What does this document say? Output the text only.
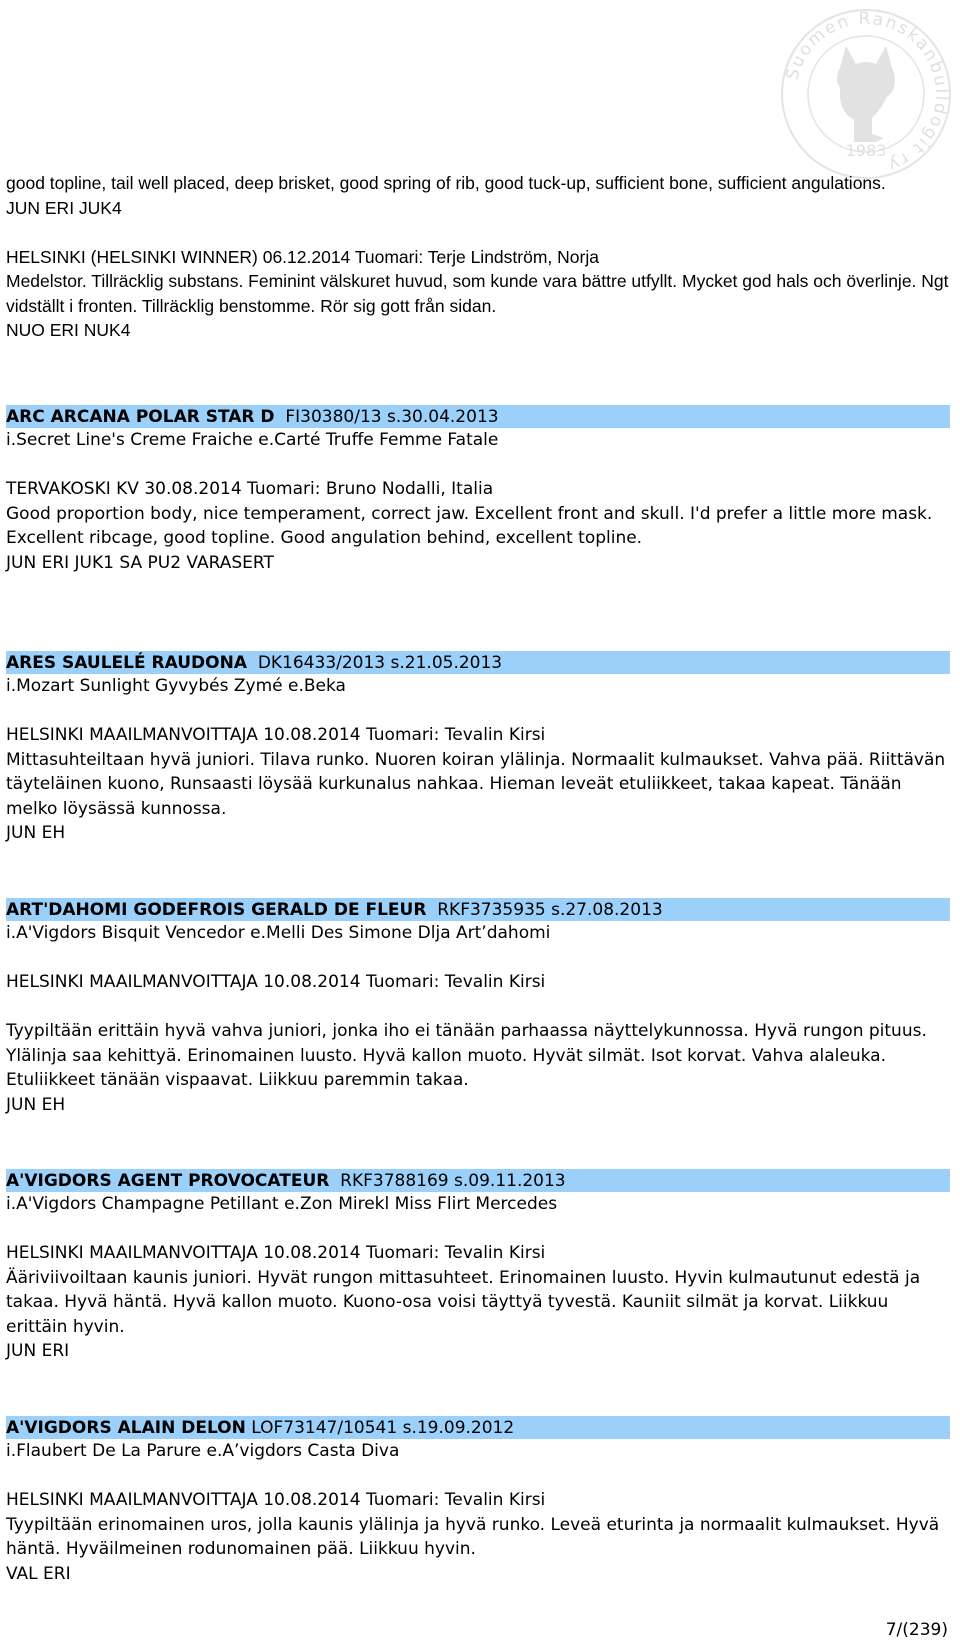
Suomen Ranskanbulldogit ry
1983

good topline, tail well placed, deep brisket, good spring of rib, good tuck-up, sufficient bone, sufficient angulations.

JUN ERI JUK4

HELSINKI (HELSINKI WINNER) 06.12.2014 Tuomari: Terje Lindström, Norja

Medelstor. Tillräcklig substans. Feminint välskuret huvud, som kunde vara bättre utfyllt. Mycket god hals och överlinje. Ngt vidställt i fronten. Tillräcklig benstomme. Rör sig gott från sidan.

NUO ERI NUK4

ARC ARCANA POLAR STAR D FI30380/13 s.30.04.2013

i.Secret Line's Creme Fraiche e.Carté Truffe Femme Fatale

TERVAKOSKI KV 30.08.2014 Tuomari: Bruno Nodalli, Italia

Good proportion body, nice temperament, correct jaw. Excellent front and skull. I'd prefer a little more mask. Excellent ribcage, good topline. Good angulation behind, excellent topline.

JUN ERI JUK1 SA PU2 VARASERT

ARES SAULELÉ RAUDONA DK16433/2013 s.21.05.2013

i.Mozart Sunlight Gyvybés Zymé e.Beka

HELSINKI MAAILMANVOITTAJA 10.08.2014 Tuomari: Tevalin Kirsi

Mittasuhteiltaan hyvä juniori. Tilava runko. Nuoren koiran ylälinja. Normaalit kulmaukset. Vahva pää. Riittävän täyteläinen kuono, Runsaasti löysää kurkunalus nahkaa. Hieman leveät etuliikkeet, takaa kapeat. Tänään melko löysässä kunnossa.

JUN EH

ART'DAHOMI GODEFROIS GERALD DE FLEUR RKF3735935 s.27.08.2013

i.A'Vigdors Bisquit Vencedor e.Melli Des Simone Dlja Art’dahomi

HELSINKI MAAILMANVOITTAJA 10.08.2014 Tuomari: Tevalin Kirsi

Tyypiltään erittäin hyvä vahva juniori, jonka iho ei tänään parhaassa näyttelykunnossa. Hyvä rungon pituus. Ylälinja saa kehittyä. Erinomainen luusto. Hyvä kallon muoto. Hyvät silmät. Isot korvat. Vahva alaleuka. Etuliikkeet tänään vispaavat. Liikkuu paremmin takaa.

JUN EH

A'VIGDORS AGENT PROVOCATEUR RKF3788169 s.09.11.2013

i.A'Vigdors Champagne Petillant e.Zon Mirekl Miss Flirt Mercedes

HELSINKI MAAILMANVOITTAJA 10.08.2014 Tuomari: Tevalin Kirsi

Ääriviivoiltaan kaunis juniori. Hyvät rungon mittasuhteet. Erinomainen luusto. Hyvin kulmautunut edestä ja takaa. Hyvä häntä. Hyvä kallon muoto. Kuono-osa voisi täyttyä tyvestä. Kauniit silmät ja korvat. Liikkuu erittäin hyvin.

JUN ERI

A'VIGDORS ALAIN DELON LOF73147/10541 s.19.09.2012

i.Flaubert De La Parure e.A’vigdors Casta Diva

HELSINKI MAAILMANVOITTAJA 10.08.2014 Tuomari: Tevalin Kirsi

Tyypiltään erinomainen uros, jolla kaunis ylälinja ja hyvä runko. Leveä eturinta ja normaalit kulmaukset. Hyvä häntä. Hyväilmeinen rodunomainen pää. Liikkuu hyvin.

VAL ERI

7/(239)
